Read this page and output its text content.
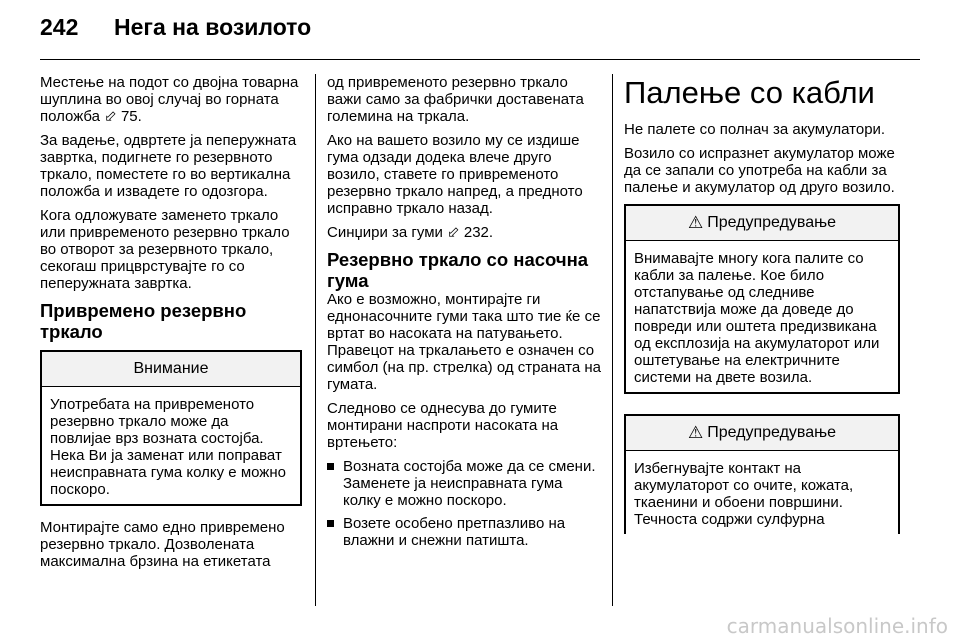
242	Нега на возилото

Местење на подот со двојна товарна шуплина во овој случај во горната положба ⬃ 75.

За вадење, одвртете ја пеперужната завртка, подигнете го резервното тркало, поместете го во вертикална положба и извадете го одозгора.

Кога одложувате заменето тркало или привременото резервно тркало во отворот за резервното тркало, секогаш прицврстувајте го со пеперужната завртка.

Привремено резервно тркало
Внимание

Употребата на привременото резервно тркало може да повлијае врз возната состојба. Нека Ви ја заменат или поправат неисправната гума колку е можно поскоро.

Монтирајте само едно привремено резервно тркало. Дозволената максимална брзина на етикетата

од привременото резервно тркало важи само за фабрички доставената големина на тркала.

Ако на вашето возило му се издише гума одзади додека влече друго возило, ставете го привременото резервно тркало напред, а предното исправно тркало назад.

Синџири за гуми ⬃ 232.

Резервно тркало со насочна гума

Ако е возможно, монтирајте ги еднонасочните гуми така што тие ќе се вртат во насоката на патувањето. Правецот на тркалањето е означен со симбол (на пр. стрелка) од страната на гумата.

Следново се однесува до гумите монтирани наспроти насоката на вртењето:

Возната состојба може да се смени. Заменете ја неисправната гума колку е можно поскоро.
Возете особено претпазливо на влажни и снежни патишта.
Палење со кабли

Не палете со полнач за акумулатори.

Возило со испразнет акумулатор може да се запали со употреба на кабли за палење и акумулатор од друго возило.

⚠ Предупредување

Внимавајте многу кога палите со кабли за палење. Кое било отстапување од следниве напатствија може да доведе до повреди или оштета предизвикана од експлозија на акумулаторот или оштетување на електричните системи на двете возила.

⚠ Предупредување

Избегнувајте контакт на акумулаторот со очите, кожата, ткаенини и обоени површини. Течноста содржи сулфурна

carmanualsonline.info
